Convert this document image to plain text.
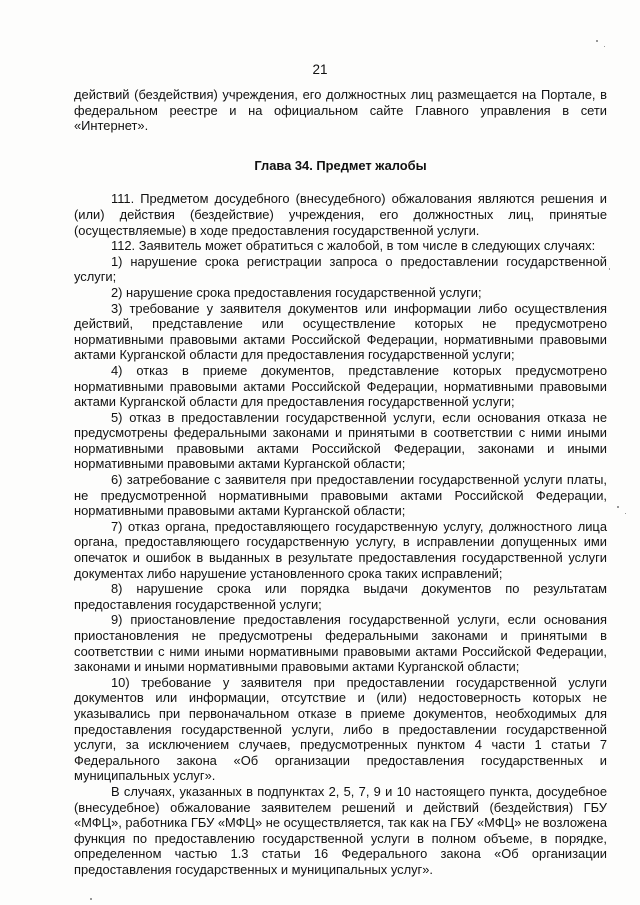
21

действий (бездействия) учреждения, его должностных лиц размещается на Портале, в федеральном реестре и на официальном сайте Главного управления в сети «Интернет».

Глава 34. Предмет жалобы

111. Предметом досудебного (внесудебного) обжалования являются решения и (или) действия (бездействие) учреждения, его должностных лиц, принятые (осуществляемые) в ходе предоставления государственной услуги.

112. Заявитель может обратиться с жалобой, в том числе в следующих случаях:

1) нарушение срока регистрации запроса о предоставлении государственной услуги;

2) нарушение срока предоставления государственной услуги;

3) требование у заявителя документов или информации либо осуществления действий, представление или осуществление которых не предусмотрено нормативными правовыми актами Российской Федерации, нормативными правовыми актами Курганской области для предоставления государственной услуги;

4) отказ в приеме документов, представление которых предусмотрено нормативными правовыми актами Российской Федерации, нормативными правовыми актами Курганской области для предоставления государственной услуги;

5) отказ в предоставлении государственной услуги, если основания отказа не предусмотрены федеральными законами и принятыми в соответствии с ними иными нормативными правовыми актами Российской Федерации, законами и иными нормативными правовыми актами Курганской области;

6) затребование с заявителя при предоставлении государственной услуги платы, не предусмотренной нормативными правовыми актами Российской Федерации, нормативными правовыми актами Курганской области;

7) отказ органа, предоставляющего государственную услугу, должностного лица органа, предоставляющего государственную услугу, в исправлении допущенных ими опечаток и ошибок в выданных в результате предоставления государственной услуги документах либо нарушение установленного срока таких исправлений;

8) нарушение срока или порядка выдачи документов по результатам предоставления государственной услуги;

9) приостановление предоставления государственной услуги, если основания приостановления не предусмотрены федеральными законами и принятыми в соответствии с ними иными нормативными правовыми актами Российской Федерации, законами и иными нормативными правовыми актами Курганской области;

10) требование у заявителя при предоставлении государственной услуги документов или информации, отсутствие и (или) недостоверность которых не указывались при первоначальном отказе в приеме документов, необходимых для предоставления государственной услуги, либо в предоставлении государственной услуги, за исключением случаев, предусмотренных пунктом 4 части 1 статьи 7 Федерального закона «Об организации предоставления государственных и муниципальных услуг».

В случаях, указанных в подпунктах 2, 5, 7, 9 и 10 настоящего пункта, досудебное (внесудебное) обжалование заявителем решений и действий (бездействия) ГБУ «МФЦ», работника ГБУ «МФЦ» не осуществляется, так как на ГБУ «МФЦ» не возложена функция по предоставлению государственной услуги в полном объеме, в порядке, определенном частью 1.3 статьи 16 Федерального закона «Об организации предоставления государственных и муниципальных услуг».
